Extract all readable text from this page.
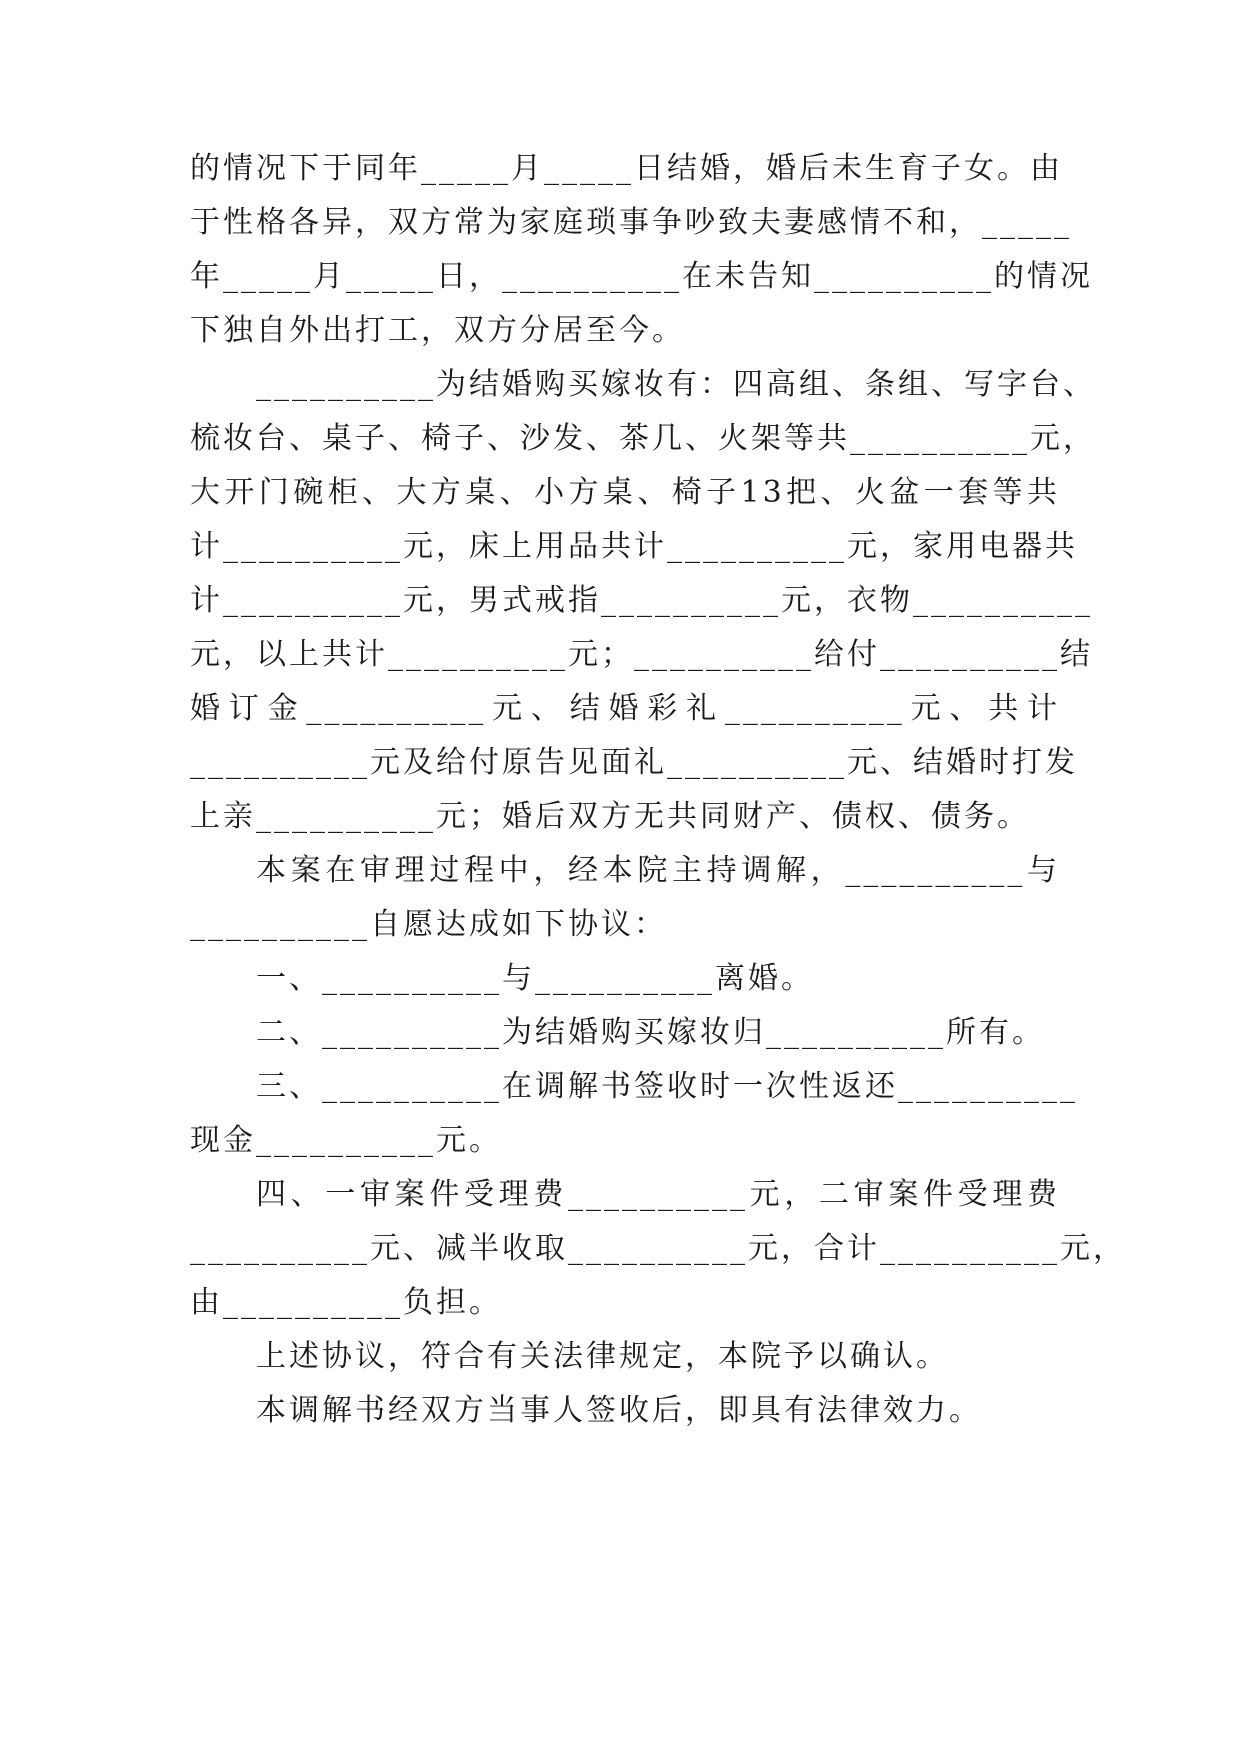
的情况下于同年_____月_____日结婚，婚后未生育子女。由
于性格各异，双方常为家庭琐事争吵致夫妻感情不和，_____
年_____月_____日，__________在未告知__________的情况
下独自外出打工，双方分居至今。
__________为结婚购买嫁妆有：四高组、条组、写字台、
梳妆台、桌子、椅子、沙发、茶几、火架等共__________元，
大开门碗柜、大方桌、小方桌、椅子13把、火盆一套等共
计__________元，床上用品共计__________元，家用电器共
计__________元，男式戒指__________元，衣物__________
元，以上共计__________元；__________给付__________结
婚订金__________元、结婚彩礼__________元、共计
__________元及给付原告见面礼__________元、结婚时打发
上亲__________元；婚后双方无共同财产、债权、债务。
本案在审理过程中，经本院主持调解，__________与
__________自愿达成如下协议：
一、__________与__________离婚。
二、__________为结婚购买嫁妆归__________所有。
三、__________在调解书签收时一次性返还__________
现金__________元。
四、一审案件受理费__________元，二审案件受理费
__________元、减半收取__________元，合计__________元，
由__________负担。
上述协议，符合有关法律规定，本院予以确认。
本调解书经双方当事人签收后，即具有法律效力。
